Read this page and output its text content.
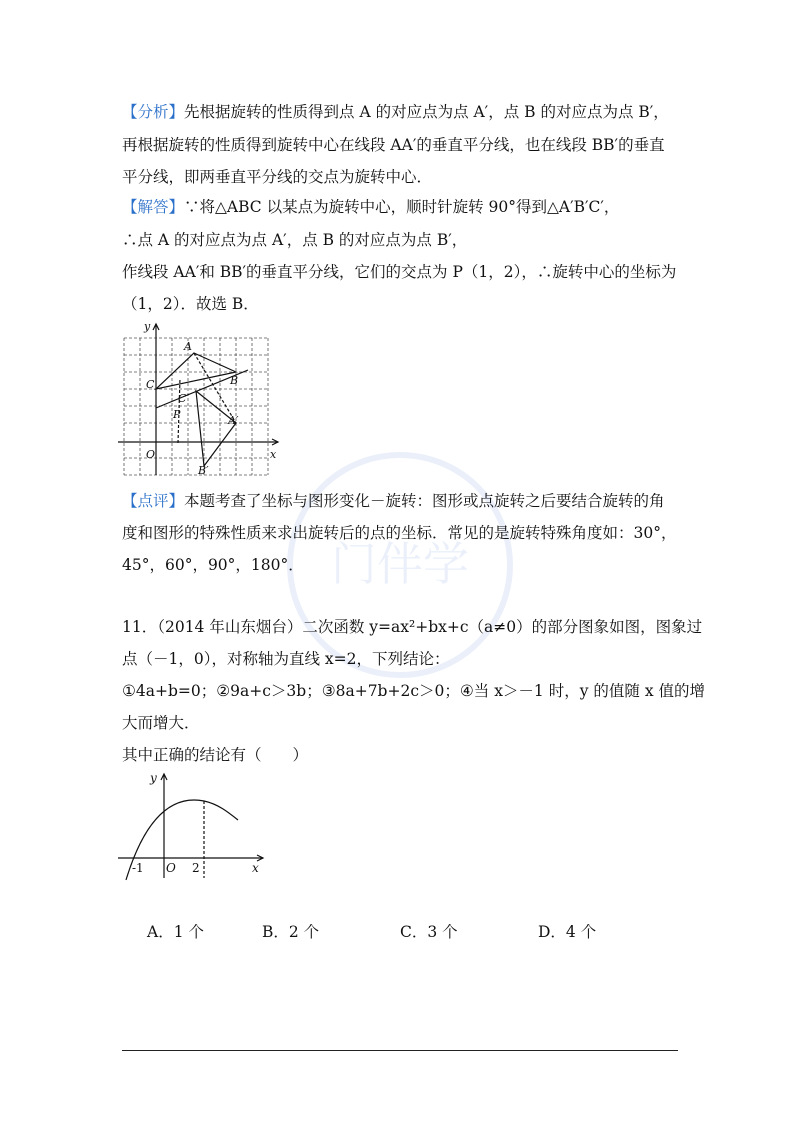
门伴学
【分析】先根据旋转的性质得到点 A 的对应点为点 A′，点 B 的对应点为点 B′，
再根据旋转的性质得到旋转中心在线段 AA′的垂直平分线，也在线段 BB′的垂直
平分线，即两垂直平分线的交点为旋转中心．
【解答】∵将△ABC 以某点为旋转中心，顺时针旋转 90°得到△A′B′C′，
∴点 A 的对应点为点 A′，点 B 的对应点为点 B′，
作线段 AA′和 BB′的垂直平分线，它们的交点为 P（1，2），∴旋转中心的坐标为
（1，2）．故选 B．
y
x
O
A
B
C
A′
B′
C′
P
【点评】本题考查了坐标与图形变化－旋转：图形或点旋转之后要结合旋转的角
度和图形的特殊性质来求出旋转后的点的坐标．常见的是旋转特殊角度如：30°，
45°，60°，90°，180°．
11．（2014 年山东烟台）二次函数 y=ax²+bx+c（a≠0）的部分图象如图，图象过
点（－1，0），对称轴为直线 x=2，下列结论：
①4a+b=0；②9a+c＞3b；③8a+7b+2c＞0；④当 x＞－1 时，y 的值随 x 值的增
大而增大．
其中正确的结论有（　　）
y
x
O
-1	2
A．1 个	B．2 个	C．3 个	D．4 个
